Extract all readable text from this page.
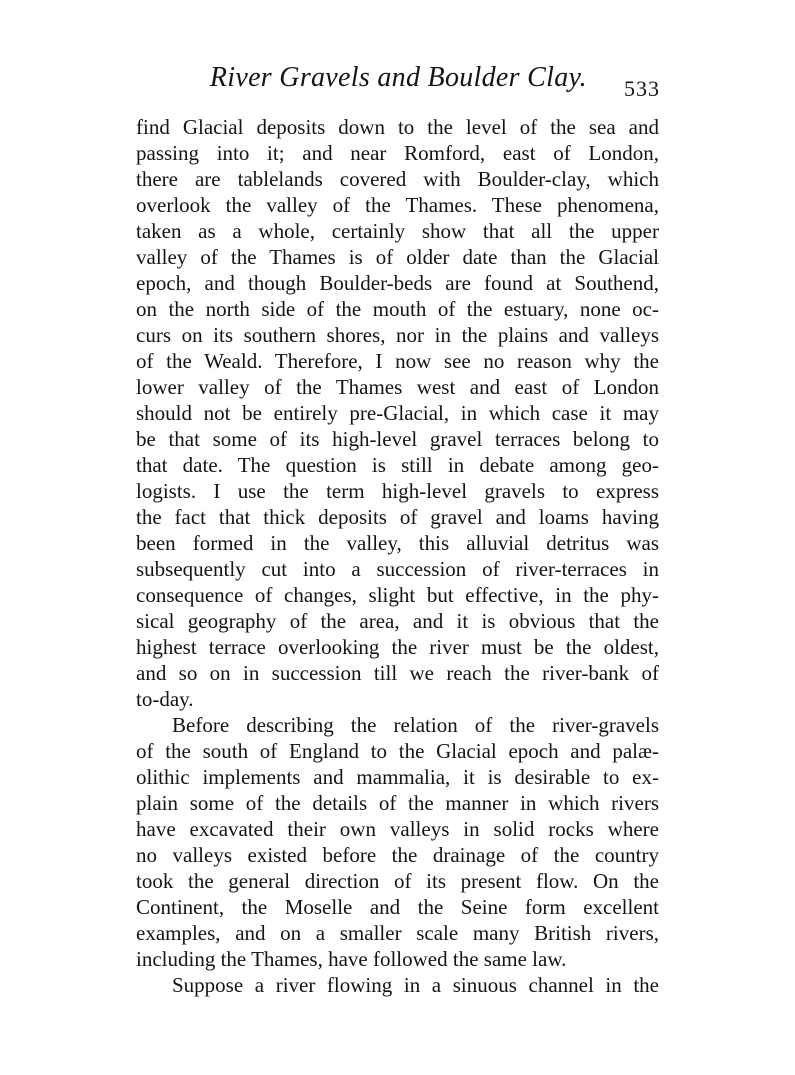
River Gravels and Boulder Clay. 533
find Glacial deposits down to the level of the sea and
passing into it; and near Romford, east of London,
there are tablelands covered with Boulder-clay, which
overlook the valley of the Thames. These phenomena,
taken as a whole, certainly show that all the upper
valley of the Thames is of older date than the Glacial
epoch, and though Boulder-beds are found at Southend,
on the north side of the mouth of the estuary, none oc-
curs on its southern shores, nor in the plains and valleys
of the Weald. Therefore, I now see no reason why the
lower valley of the Thames west and east of London
should not be entirely pre-Glacial, in which case it may
be that some of its high-level gravel terraces belong to
that date. The question is still in debate among geo-
logists. I use the term high-level gravels to express
the fact that thick deposits of gravel and loams having
been formed in the valley, this alluvial detritus was
subsequently cut into a succession of river-terraces in
consequence of changes, slight but effective, in the phy-
sical geography of the area, and it is obvious that the
highest terrace overlooking the river must be the oldest,
and so on in succession till we reach the river-bank of
to-day.
Before describing the relation of the river-gravels
of the south of England to the Glacial epoch and palæ-
olithic implements and mammalia, it is desirable to ex-
plain some of the details of the manner in which rivers
have excavated their own valleys in solid rocks where
no valleys existed before the drainage of the country
took the general direction of its present flow. On the
Continent, the Moselle and the Seine form excellent
examples, and on a smaller scale many British rivers,
including the Thames, have followed the same law.
Suppose a river flowing in a sinuous channel in the
